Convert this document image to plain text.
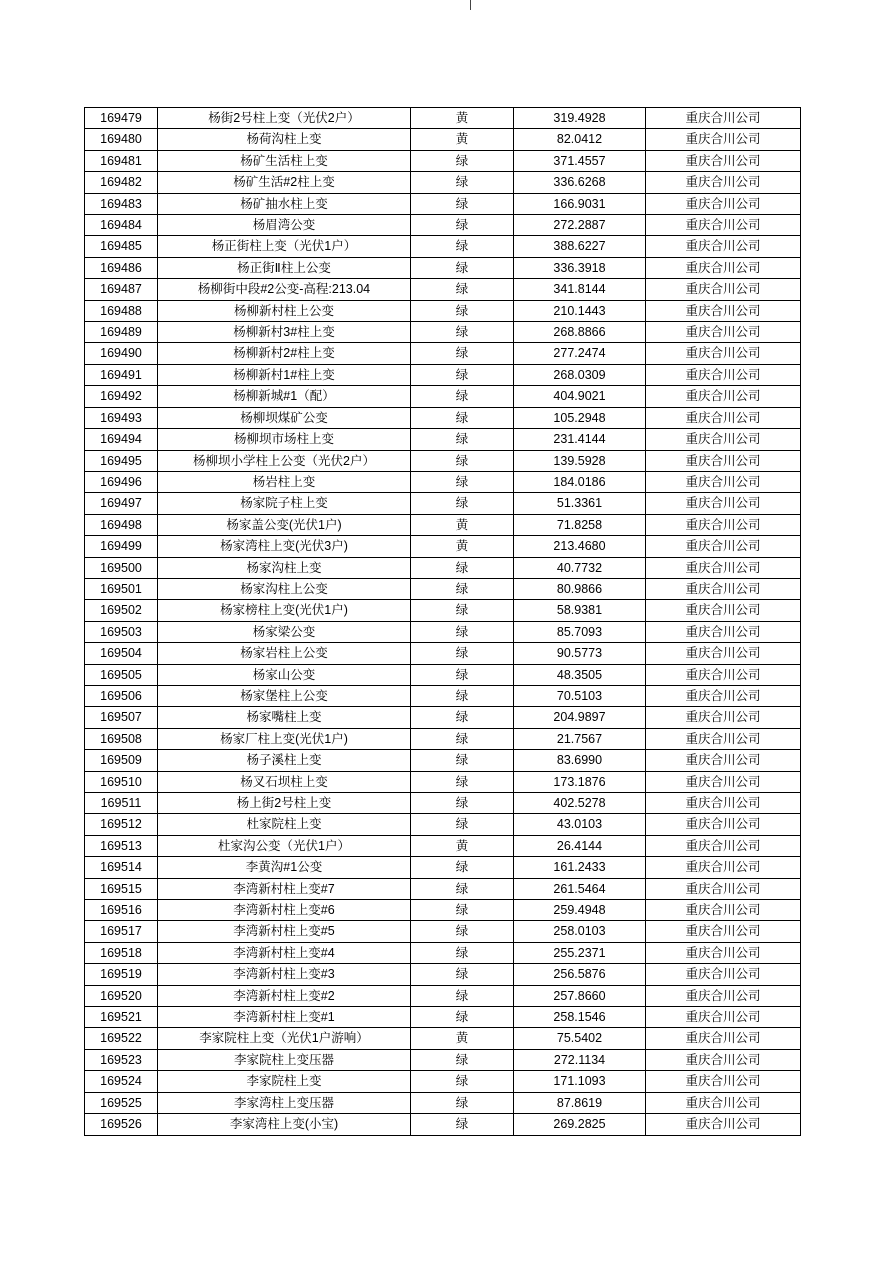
169479	杨街2号柱上变（光伏2户）	黄	319.4928	重庆合川公司
169480	杨荷沟柱上变	黄	82.0412	重庆合川公司
169481	杨矿生活柱上变	绿	371.4557	重庆合川公司
169482	杨矿生活#2柱上变	绿	336.6268	重庆合川公司
169483	杨矿抽水柱上变	绿	166.9031	重庆合川公司
169484	杨眉湾公变	绿	272.2887	重庆合川公司
169485	杨正街柱上变（光伏1户）	绿	388.6227	重庆合川公司
169486	杨正街Ⅱ柱上公变	绿	336.3918	重庆合川公司
169487	杨柳街中段#2公变-高程:213.04	绿	341.8144	重庆合川公司
169488	杨柳新村柱上公变	绿	210.1443	重庆合川公司
169489	杨柳新村3#柱上变	绿	268.8866	重庆合川公司
169490	杨柳新村2#柱上变	绿	277.2474	重庆合川公司
169491	杨柳新村1#柱上变	绿	268.0309	重庆合川公司
169492	杨柳新城#1（配）	绿	404.9021	重庆合川公司
169493	杨柳坝煤矿公变	绿	105.2948	重庆合川公司
169494	杨柳坝市场柱上变	绿	231.4144	重庆合川公司
169495	杨柳坝小学柱上公变（光伏2户）	绿	139.5928	重庆合川公司
169496	杨岩柱上变	绿	184.0186	重庆合川公司
169497	杨家院子柱上变	绿	51.3361	重庆合川公司
169498	杨家盖公变(光伏1户)	黄	71.8258	重庆合川公司
169499	杨家湾柱上变(光伏3户)	黄	213.4680	重庆合川公司
169500	杨家沟柱上变	绿	40.7732	重庆合川公司
169501	杨家沟柱上公变	绿	80.9866	重庆合川公司
169502	杨家榜柱上变(光伏1户)	绿	58.9381	重庆合川公司
169503	杨家梁公变	绿	85.7093	重庆合川公司
169504	杨家岩柱上公变	绿	90.5773	重庆合川公司
169505	杨家山公变	绿	48.3505	重庆合川公司
169506	杨家堡柱上公变	绿	70.5103	重庆合川公司
169507	杨家嘴柱上变	绿	204.9897	重庆合川公司
169508	杨家厂柱上变(光伏1户)	绿	21.7567	重庆合川公司
169509	杨子溪柱上变	绿	83.6990	重庆合川公司
169510	杨叉石坝柱上变	绿	173.1876	重庆合川公司
169511	杨上街2号柱上变	绿	402.5278	重庆合川公司
169512	杜家院柱上变	绿	43.0103	重庆合川公司
169513	杜家沟公变（光伏1户）	黄	26.4144	重庆合川公司
169514	李黄沟#1公变	绿	161.2433	重庆合川公司
169515	李湾新村柱上变#7	绿	261.5464	重庆合川公司
169516	李湾新村柱上变#6	绿	259.4948	重庆合川公司
169517	李湾新村柱上变#5	绿	258.0103	重庆合川公司
169518	李湾新村柱上变#4	绿	255.2371	重庆合川公司
169519	李湾新村柱上变#3	绿	256.5876	重庆合川公司
169520	李湾新村柱上变#2	绿	257.8660	重庆合川公司
169521	李湾新村柱上变#1	绿	258.1546	重庆合川公司
169522	李家院柱上变（光伏1户游响）	黄	75.5402	重庆合川公司
169523	李家院柱上变压器	绿	272.1134	重庆合川公司
169524	李家院柱上变	绿	171.1093	重庆合川公司
169525	李家湾柱上变压器	绿	87.8619	重庆合川公司
169526	李家湾柱上变(小宝)	绿	269.2825	重庆合川公司
